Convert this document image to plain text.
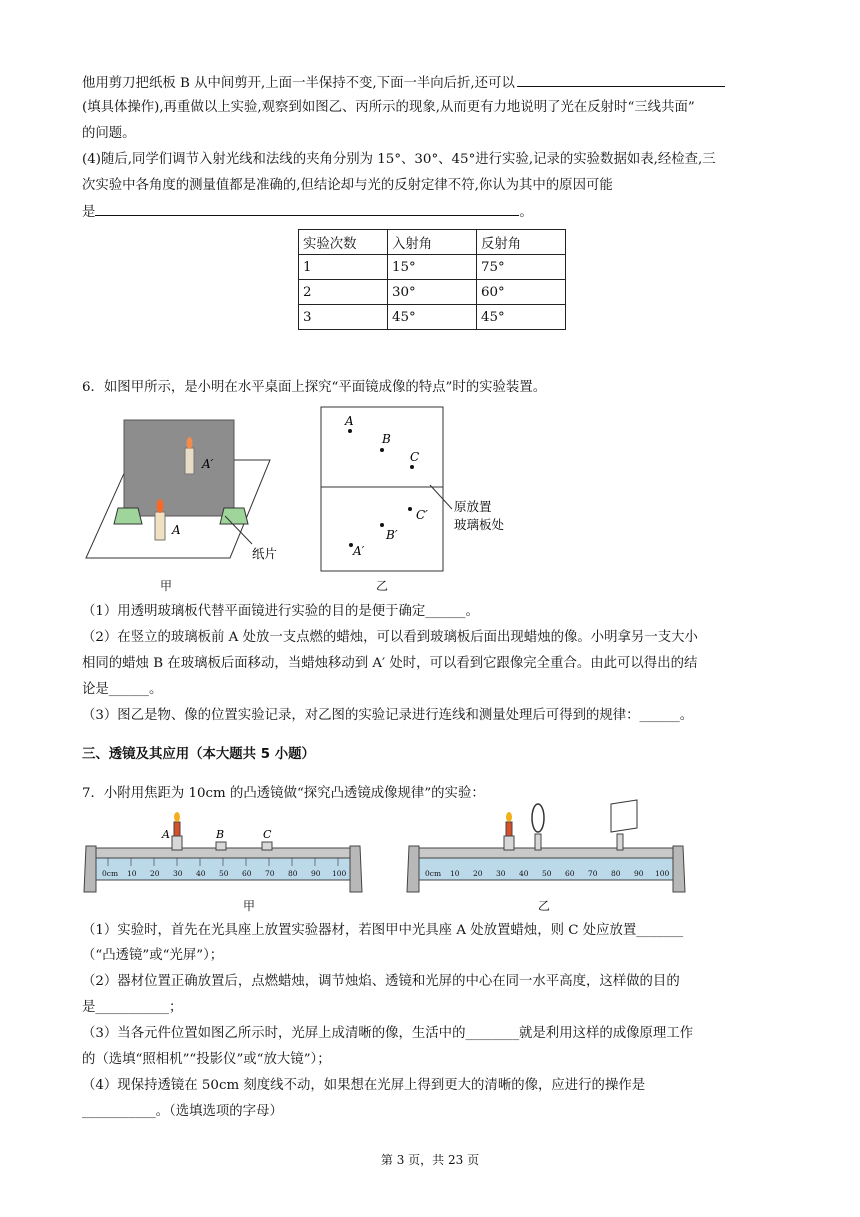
他用剪刀把纸板 B 从中间剪开,上面一半保持不变,下面一半向后折,还可以
(填具体操作),再重做以上实验,观察到如图乙、丙所示的现象,从而更有力地说明了光在反射时“三线共面”
的问题。
(4)随后,同学们调节入射光线和法线的夹角分别为 15°、30°、45°进行实验,记录的实验数据如表,经检查,三
次实验中各角度的测量值都是准确的,但结论却与光的反射定律不符,你认为其中的原因可能
是	。
实验次数	入射角	反射角
1	15°	75°
2	30°	60°
3	45°	45°
6．如图甲所示，是小明在水平桌面上探究“平面镜成像的特点”时的实验装置。
A′
A
纸片
甲
A
B
C
C′
B′
A′
原放置
玻璃板处
乙
（1）用透明玻璃板代替平面镜进行实验的目的是便于确定______。
（2）在竖立的玻璃板前 A 处放一支点燃的蜡烛，可以看到玻璃板后面出现蜡烛的像。小明拿另一支大小
相同的蜡烛 B 在玻璃板后面移动，当蜡烛移动到 A′ 处时，可以看到它跟像完全重合。由此可以得出的结
论是______。
（3）图乙是物、像的位置实验记录，对乙图的实验记录进行连线和测量处理后可得到的规律：______。
三、透镜及其应用（本大题共 5 小题）
7．小附用焦距为 10cm 的凸透镜做“探究凸透镜成像规律”的实验：
0cm 10 20 30 40 50 60 70 80 90 100
A	B	C
甲
0cm 10 20 30 40 50 60 70 80 90 100
乙
（1）实验时，首先在光具座上放置实验器材，若图甲中光具座 A 处放置蜡烛，则 C 处应放置_______
（“凸透镜”或“光屏”）；
（2）器材位置正确放置后，点燃蜡烛，调节烛焰、透镜和光屏的中心在同一水平高度，这样做的目的
是___________；
（3）当各元件位置如图乙所示时，光屏上成清晰的像，生活中的________就是利用这样的成像原理工作
的（选填“照相机”“投影仪”或“放大镜”）；
（4）现保持透镜在 50cm 刻度线不动，如果想在光屏上得到更大的清晰的像，应进行的操作是
___________。（选填选项的字母）
第 3 页，共 23 页
